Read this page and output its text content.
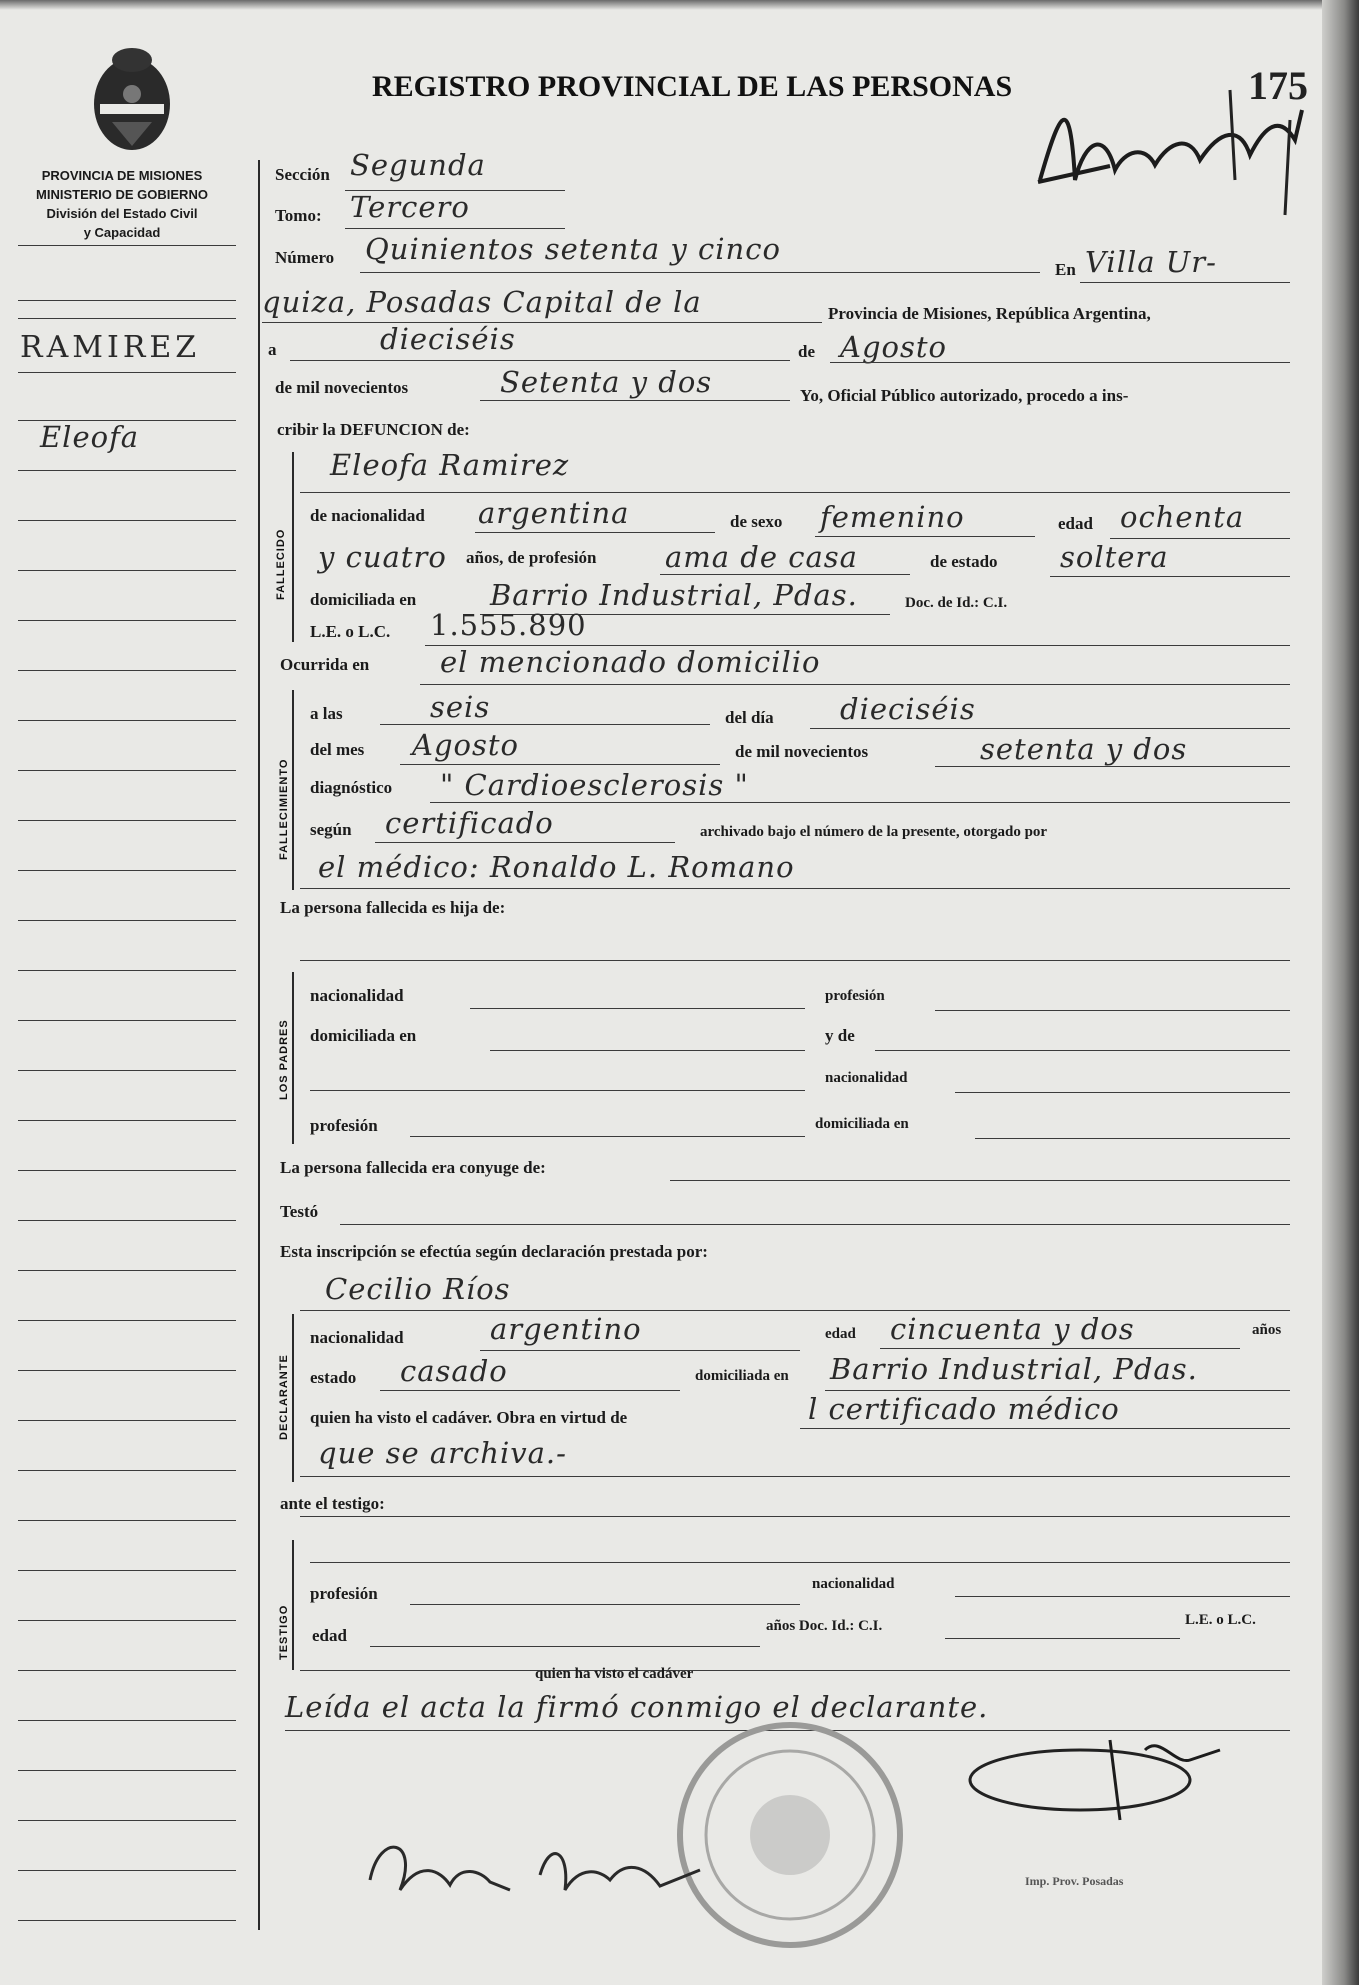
PROVINCIA DE MISIONES
MINISTERIO DE GOBIERNO
División del Estado Civil
y Capacidad
REGISTRO PROVINCIAL DE LAS PERSONAS	175
RAMIREZ
Eleofa
Sección Segunda
Tomo: Tercero
Número Quinientos setenta y cinco
En Villa Ur-
quiza, Posadas Capital de la	Provincia de Misiones, República Argentina,
a	dieciséis	de Agosto
de mil novecientos	Setenta y dos	Yo, Oficial Público autorizado, procedo a ins-
cribir la DEFUNCION de:
FALLECIDO
Eleofa Ramirez
de nacionalidad argentina	de sexo femenino	edad ochenta
y cuatro años, de profesión ama de casa	de estado soltera
domiciliada en	Barrio Industrial, Pdas.	Doc. de Id.: C.I.
L.E. o L.C. 1.555.890
Ocurrida en el mencionado domicilio
FALLECIMIENTO
a las	seis	del día dieciséis
del mes Agosto	de mil novecientos	setenta y dos
diagnóstico " Cardioesclerosis "
según certificado	archivado bajo el número de la presente, otorgado por
el médico: Ronaldo L. Romano
La persona fallecida es hija de:
LOS PADRES
nacionalidad	profesión
domiciliada en	y de
nacionalidad
profesión	domiciliada en
La persona fallecida era conyuge de:
Testó
Esta inscripción se efectúa según declaración prestada por:
Cecilio Ríos
DECLARANTE
nacionalidad	argentino	edad cincuenta y dos	años
estado casado	domiciliada en Barrio Industrial, Pdas.
quien ha visto el cadáver. Obra en virtud de	l certificado médico
que se archiva.-
ante el testigo:
TESTIGO
profesión	nacionalidad
edad	años Doc. Id.: C.I.	L.E. o L.C.
quien ha visto el cadáver
Leída el acta la firmó conmigo el declarante.
Imp. Prov. Posadas
